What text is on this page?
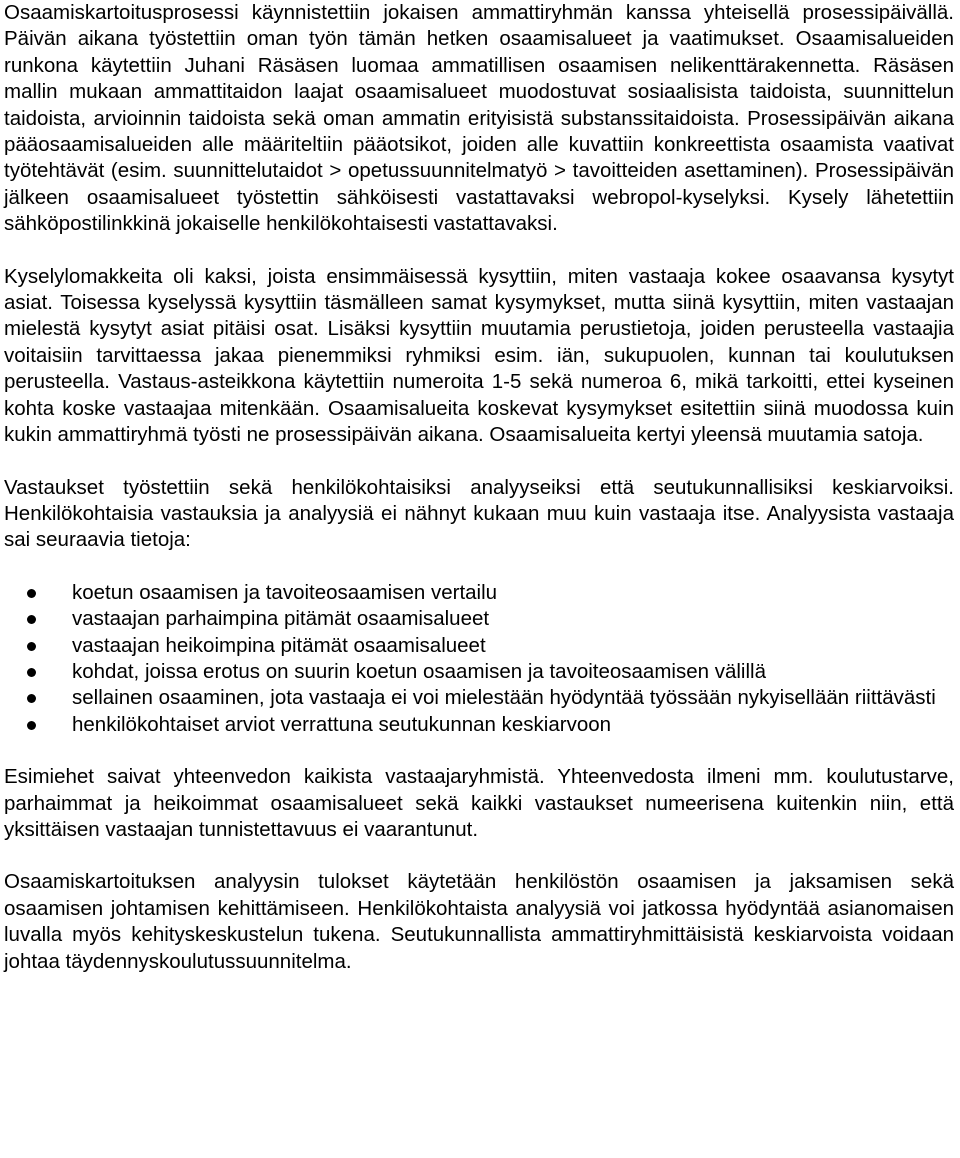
Osaamiskartoitusprosessi käynnistettiin jokaisen ammattiryhmän kanssa yhteisellä prosessipäivällä. Päivän aikana työstettiin oman työn tämän hetken osaamisalueet ja vaatimukset. Osaamisalueiden runkona käytettiin Juhani Räsäsen luomaa ammatillisen osaamisen nelikenttärakennetta. Räsäsen mallin mukaan ammattitaidon laajat osaamisalueet muodostuvat sosiaalisista taidoista, suunnittelun taidoista, arvioinnin taidoista sekä oman ammatin erityisistä substanssitaidoista. Prosessipäivän aikana pääosaamisalueiden alle määriteltiin pääotsikot, joiden alle kuvattiin konkreettista osaamista vaativat työtehtävät (esim. suunnittelutaidot > opetussuunnitelmatyö > tavoitteiden asettaminen). Prosessipäivän jälkeen osaamisalueet työstettin sähköisesti vastattavaksi webropol-kyselyksi. Kysely lähetettiin sähköpostilinkkinä jokaiselle henkilökohtaisesti vastattavaksi.

Kyselylomakkeita oli kaksi, joista ensimmäisessä kysyttiin, miten vastaaja kokee osaavansa kysytyt asiat. Toisessa kyselyssä kysyttiin täsmälleen samat kysymykset, mutta siinä kysyttiin, miten vastaajan mielestä kysytyt asiat pitäisi osat. Lisäksi kysyttiin muutamia perustietoja, joiden perusteella vastaajia voitaisiin tarvittaessa jakaa pienemmiksi ryhmiksi esim. iän, sukupuolen, kunnan tai koulutuksen perusteella. Vastaus-asteikkona käytettiin numeroita 1-5 sekä numeroa 6, mikä tarkoitti, ettei kyseinen kohta koske vastaajaa mitenkään. Osaamisalueita koskevat kysymykset esitettiin siinä muodossa kuin kukin ammattiryhmä työsti ne prosessipäivän aikana. Osaamisalueita kertyi yleensä muutamia satoja.

Vastaukset työstettiin sekä henkilökohtaisiksi analyyseiksi että seutukunnallisiksi keskiarvoiksi. Henkilökohtaisia vastauksia ja analyysiä ei nähnyt kukaan muu kuin vastaaja itse. Analyysista vastaaja sai seuraavia tietoja:

koetun osaamisen ja tavoiteosaamisen vertailu
vastaajan parhaimpina pitämät osaamisalueet
vastaajan heikoimpina pitämät osaamisalueet
kohdat, joissa erotus on suurin koetun osaamisen ja tavoiteosaamisen välillä
sellainen osaaminen, jota vastaaja ei voi mielestään hyödyntää työssään nykyisellään riittävästi
henkilökohtaiset arviot verrattuna seutukunnan keskiarvoon

Esimiehet saivat yhteenvedon kaikista vastaajaryhmistä. Yhteenvedosta ilmeni mm. koulutustarve, parhaimmat ja heikoimmat osaamisalueet sekä kaikki vastaukset numeerisena kuitenkin niin, että yksittäisen vastaajan tunnistettavuus ei vaarantunut.

Osaamiskartoituksen analyysin tulokset käytetään henkilöstön osaamisen ja jaksamisen sekä osaamisen johtamisen kehittämiseen. Henkilökohtaista analyysiä voi jatkossa hyödyntää asianomaisen luvalla myös kehityskeskustelun tukena. Seutukunnallista ammattiryhmittäisistä keskiarvoista voidaan johtaa täydennyskoulutussuunnitelma.
